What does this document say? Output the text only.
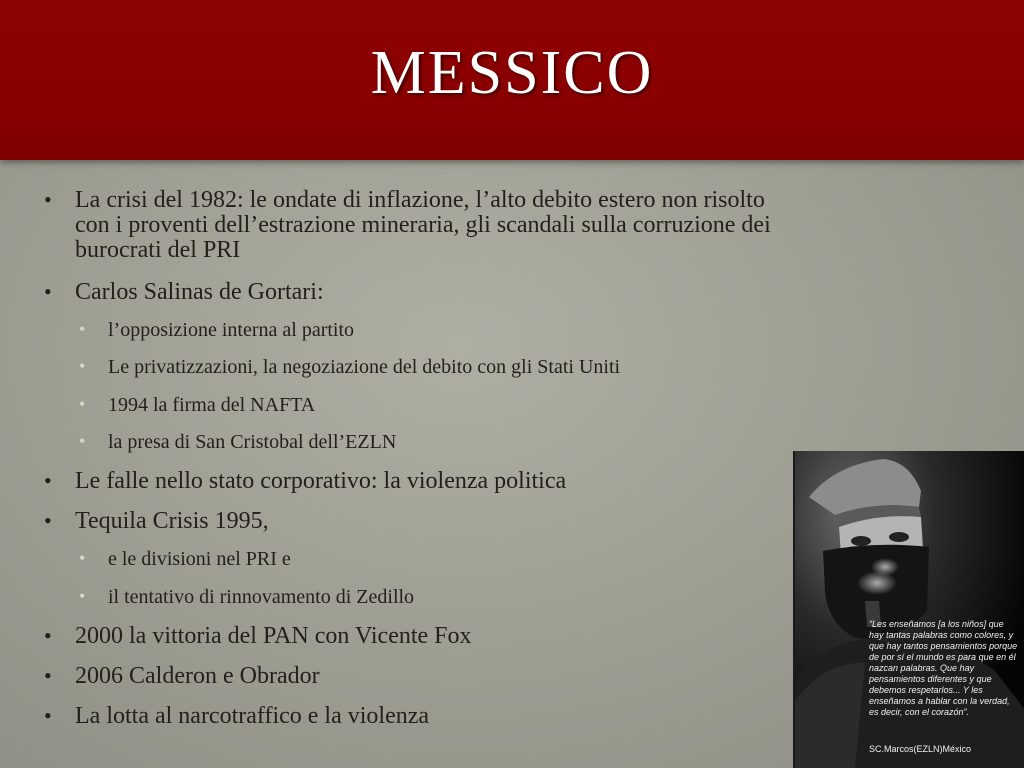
MESSICO
• La crisi del 1982: le ondate di inflazione, l’alto debito estero non risolto con i proventi dell’estrazione mineraria, gli scandali sulla corruzione dei burocrati del PRI
• Carlos Salinas de Gortari:
• l’opposizione interna al partito
• Le privatizzazioni, la negoziazione del debito con gli Stati Uniti
• 1994 la firma del NAFTA
• la presa di San Cristobal dell’EZLN
• Le falle nello stato corporativo: la violenza politica
• Tequila Crisis 1995,
• e le divisioni nel PRI e
• il tentativo di rinnovamento di Zedillo
• 2000 la vittoria del PAN con Vicente Fox
• 2006 Calderon e Obrador
• La lotta al narcotraffico e la violenza
“Les enseñamos [a los niños] que hay tantas palabras como colores, y que hay tantos pensamientos porque de por sí el mundo es para que en él nazcan palabras. Que hay pensamientos diferentes y que debemos respetarlos... Y les enseñamos a hablar con la verdad, es decir, con el corazón”.
SC.Marcos(EZLN)México
